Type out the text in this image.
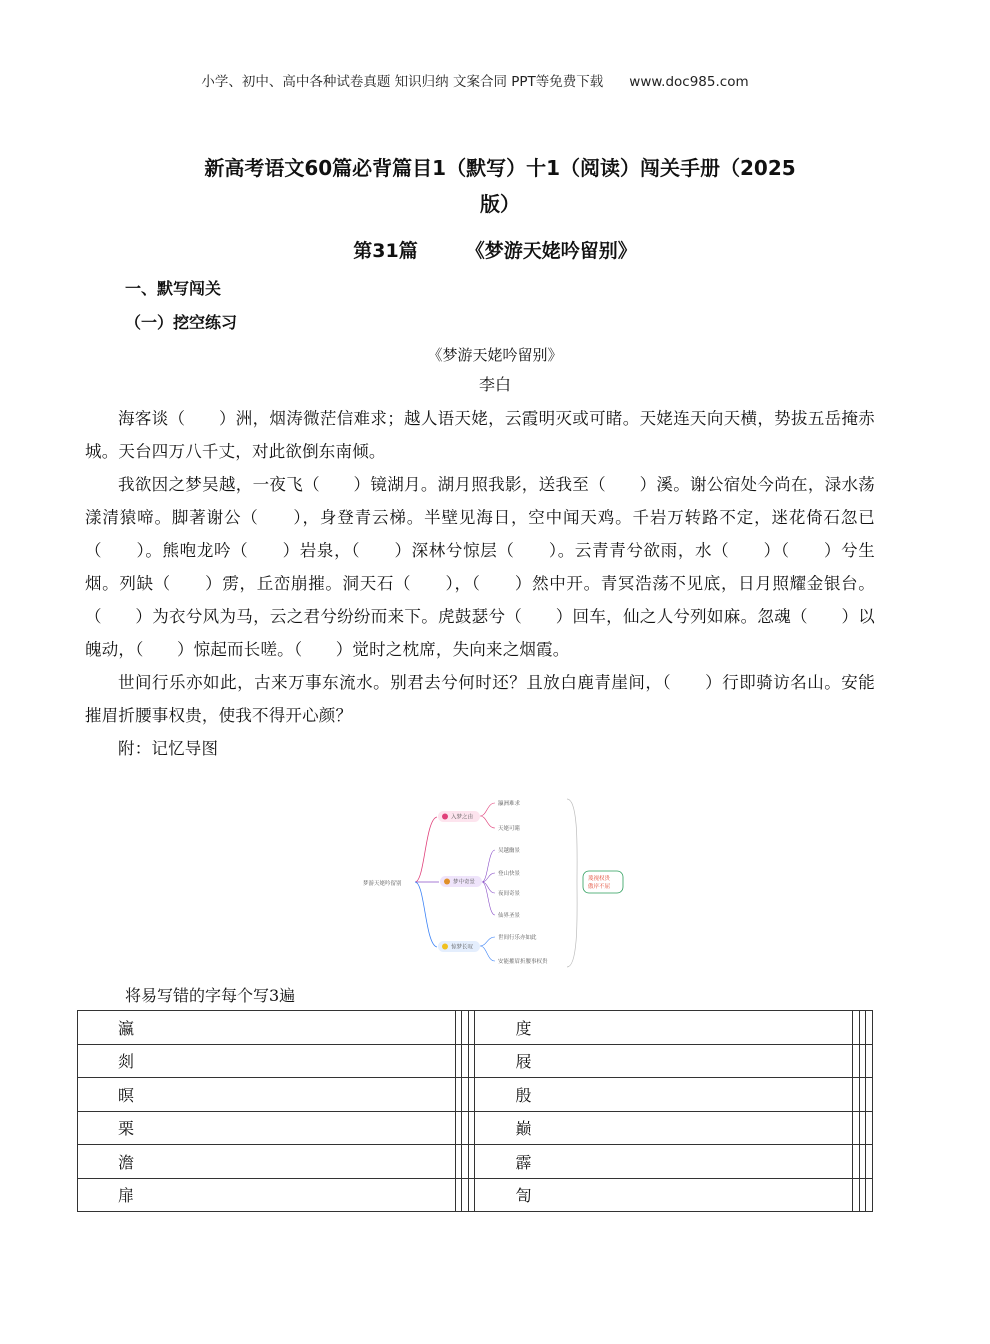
小学、初中、高中各种试卷真题 知识归纳 文案合同 PPT等免费下载 www.doc985.com
新高考语文60篇必背篇目1（默写）十1（阅读）闯关手册（2025
版）
第31篇	《梦游天姥吟留别》
一、默写闯关
（一）挖空练习
《梦游天姥吟留别》
李白

海客谈（　　）洲，烟涛微茫信难求；越人语天姥，云霞明灭或可睹。天姥连天向天横，势拔五岳掩赤城。天台四万八千丈，对此欲倒东南倾。

我欲因之梦吴越，一夜飞（　　）镜湖月。湖月照我影，送我至（　　）溪。谢公宿处今尚在，渌水荡漾清猿啼。脚著谢公（　　），身登青云梯。半壁见海日，空中闻天鸡。千岩万转路不定，迷花倚石忽已（　　）。熊咆龙吟（　　）岩泉，（　　）深林兮惊层（　　）。云青青兮欲雨，水（　　）（　　）兮生烟。列缺（　　）雳，丘峦崩摧。洞天石（　　），（　　）然中开。青冥浩荡不见底，日月照耀金银台。（　　）为衣兮风为马，云之君兮纷纷而来下。虎鼓瑟兮（　　）回车，仙之人兮列如麻。忽魂（　　）以魄动，（　　）惊起而长嗟。（　　）觉时之枕席，失向来之烟霞。

世间行乐亦如此，古来万事东流水。别君去兮何时还？且放白鹿青崖间，（　　）行即骑访名山。安能摧眉折腰事权贵，使我不得开心颜？

附：记忆导图

梦游天姥吟留别
入梦之由
梦中奇景
惊梦长叹
瀛洲难求
天姥可睹
吴越幽景
登山快景
夜间奇景
仙界圣景
世间行乐亦如此
安能摧眉折腰事权贵
蔑视权贵
傲岸不屈
将易写错的字每个写3遍
瀛				度			
剡				屐			
暝				殷			
栗				巅			
澹				霹			
扉				訇			
